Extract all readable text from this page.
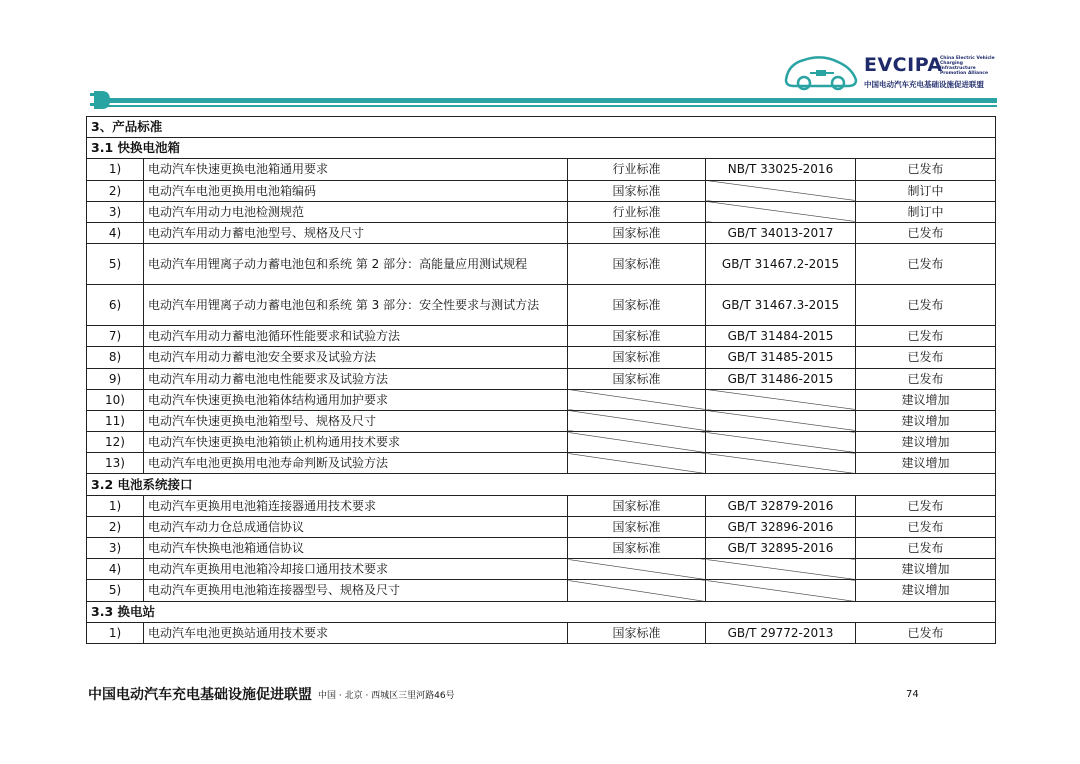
EVCIPA
China Electric Vehicle Charging Infrastructure Promotion Alliance
中国电动汽车充电基础设施促进联盟
3、产品标准				
3.1 快换电池箱				
1)	电动汽车快速更换电池箱通用要求	行业标准	NB/T 33025-2016	已发布
2)	电动汽车电池更换用电池箱编码	国家标准		制订中
3)	电动汽车用动力电池检测规范	行业标准		制订中
4)	电动汽车用动力蓄电池型号、规格及尺寸	国家标准	GB/T 34013-2017	已发布
5)	电动汽车用锂离子动力蓄电池包和系统 第 2 部分：高能量应用测试规程	国家标准	GB/T 31467.2-2015	已发布
6)	电动汽车用锂离子动力蓄电池包和系统 第 3 部分：安全性要求与测试方法	国家标准	GB/T 31467.3-2015	已发布
7)	电动汽车用动力蓄电池循环性能要求和试验方法	国家标准	GB/T 31484-2015	已发布
8)	电动汽车用动力蓄电池安全要求及试验方法	国家标准	GB/T 31485-2015	已发布
9)	电动汽车用动力蓄电池电性能要求及试验方法	国家标准	GB/T 31486-2015	已发布
10)	电动汽车快速更换电池箱体结构通用加护要求			建议增加
11)	电动汽车快速更换电池箱型号、规格及尺寸			建议增加
12)	电动汽车快速更换电池箱锁止机构通用技术要求			建议增加
13)	电动汽车电池更换用电池寿命判断及试验方法			建议增加
3.2 电池系统接口				
1)	电动汽车更换用电池箱连接器通用技术要求	国家标准	GB/T 32879-2016	已发布
2)	电动汽车动力仓总成通信协议	国家标准	GB/T 32896-2016	已发布
3)	电动汽车快换电池箱通信协议	国家标准	GB/T 32895-2016	已发布
4)	电动汽车更换用电池箱冷却接口通用技术要求			建议增加
5)	电动汽车更换用电池箱连接器型号、规格及尺寸			建议增加
3.3 换电站				
1)	电动汽车电池更换站通用技术要求	国家标准	GB/T 29772-2013	已发布
中国电动汽车充电基础设施促进联盟 中国 · 北京 · 西城区三里河路46号	74
